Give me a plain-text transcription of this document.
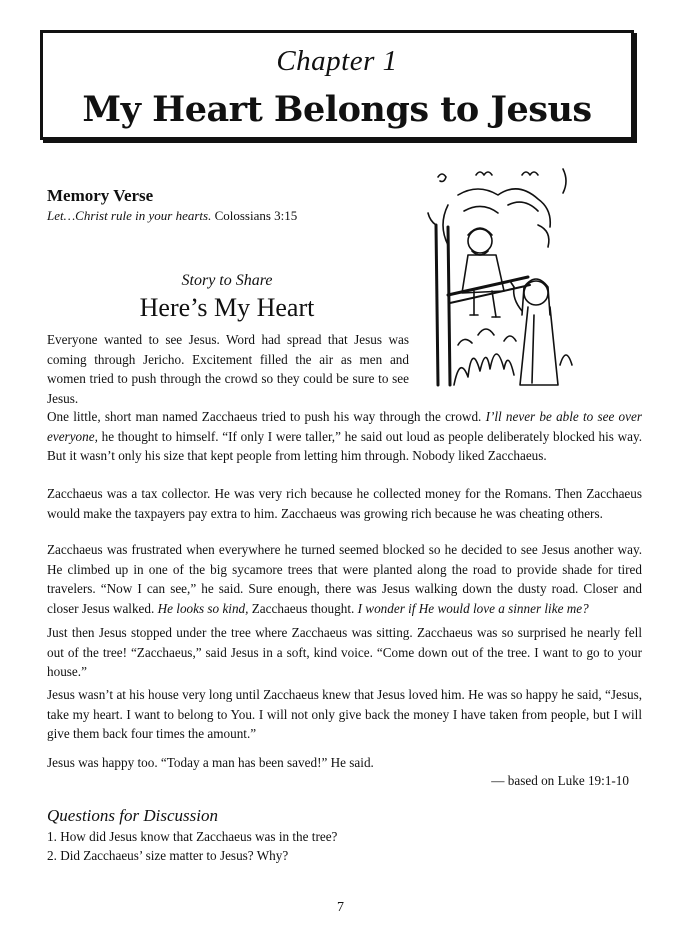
Chapter 1
My Heart Belongs to Jesus
Memory Verse
Let…Christ rule in your hearts. Colossians 3:15
Story to Share
Here’s My Heart
Everyone wanted to see Jesus. Word had spread that Jesus was coming through Jericho. Excitement filled the air as men and women tried to push through the crowd so they could be sure to see Jesus.
One little, short man named Zacchaeus tried to push his way through the crowd. I’ll never be able to see over everyone, he thought to himself. “If only I were taller,” he said out loud as people deliberately blocked his way. But it wasn’t only his size that kept people from letting him through. Nobody liked Zacchaeus.
Zacchaeus was a tax collector. He was very rich because he collected money for the Romans. Then Zacchaeus would make the taxpayers pay extra to him. Zacchaeus was growing rich because he was cheating others.
Zacchaeus was frustrated when everywhere he turned seemed blocked so he decided to see Jesus another way. He climbed up in one of the big sycamore trees that were planted along the road to provide shade for tired travelers. “Now I can see,” he said. Sure enough, there was Jesus walking down the dusty road. Closer and closer Jesus walked. He looks so kind, Zacchaeus thought. I wonder if He would love a sinner like me?
Just then Jesus stopped under the tree where Zacchaeus was sitting. Zacchaeus was so surprised he nearly fell out of the tree! “Zacchaeus,” said Jesus in a soft, kind voice. “Come down out of the tree. I want to go to your house.”
Jesus wasn’t at his house very long until Zacchaeus knew that Jesus loved him. He was so happy he said, “Jesus, take my heart. I want to belong to You. I will not only give back the money I have taken from people, but I will give them back four times the amount.”
Jesus was happy too. “Today a man has been saved!” He said.
— based on Luke 19:1-10
Questions for Discussion
1. How did Jesus know that Zacchaeus was in the tree?
2. Did Zacchaeus’ size matter to Jesus? Why?
7
